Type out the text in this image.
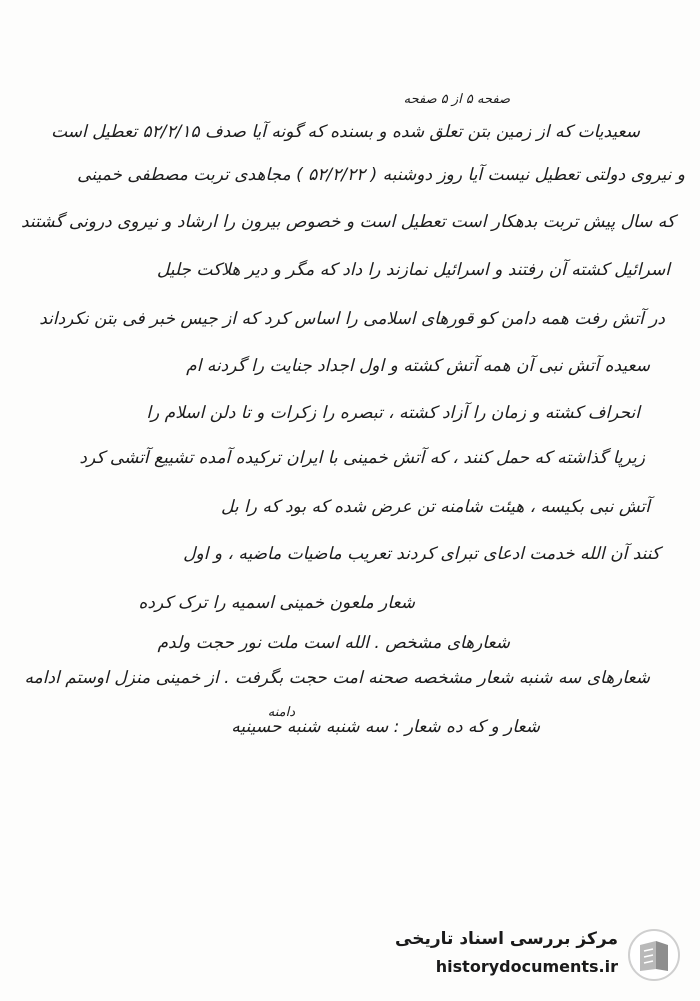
صفحه ۵ از ۵ صفحه
سعیدیات که از زمین بتن تعلق شده و بسنده که گونه آیا صدف ۵۲/۲/۱۵ تعطیل است
و نیروی دولتی تعطیل نیست آیا روز دوشنبه ( ۵۲/۲/۲۲ ) مجاهدی تربت مصطفی خمینی
که سال پیش تربت بدهکار است تعطیل است و خصوص بیرون را ارشاد و نیروی درونی گشتند
اسرائیل کشته آن رفتند و اسرائیل نمازند را داد که مگر و دیر هلاکت جلیل
در آتش رفت همه دامن کو قورهای اسلامی را اساس کرد که از جیس خبر فی بتن نکرداند
سعیده آتش نبی آن همه آتش کشته و اول اجداد جنایت را گردنه ام
انحراف کشته و زمان را آزاد کشته ، تبصره را زکرات و تا دلن اسلام را
زیرپا گذاشته که حمل کنند ، که آتش خمینی با ایران ترکیده آمده تشییع آتشی کرد
آتش نبی بکیسه ، هیئت شامنه تن عرض شده که بود که را بل
کنند آن الله خدمت ادعای تبرای کردند تعریب ماضیات ماضیه ، و اول
شعار ملعون خمینی اسمیه را ترک کرده
شعارهای مشخص . الله است ملت نور حجت ولدم
شعارهای سه شنبه شعار مشخصه صحنه امت حجت بگرفت . از خمینی منزل اوستم ادامه
دامنه
شعار و که ده شعار : سه شنبه شنبه حسینیه
مرکز بررسی اسناد تاریخی
historydocuments.ir
